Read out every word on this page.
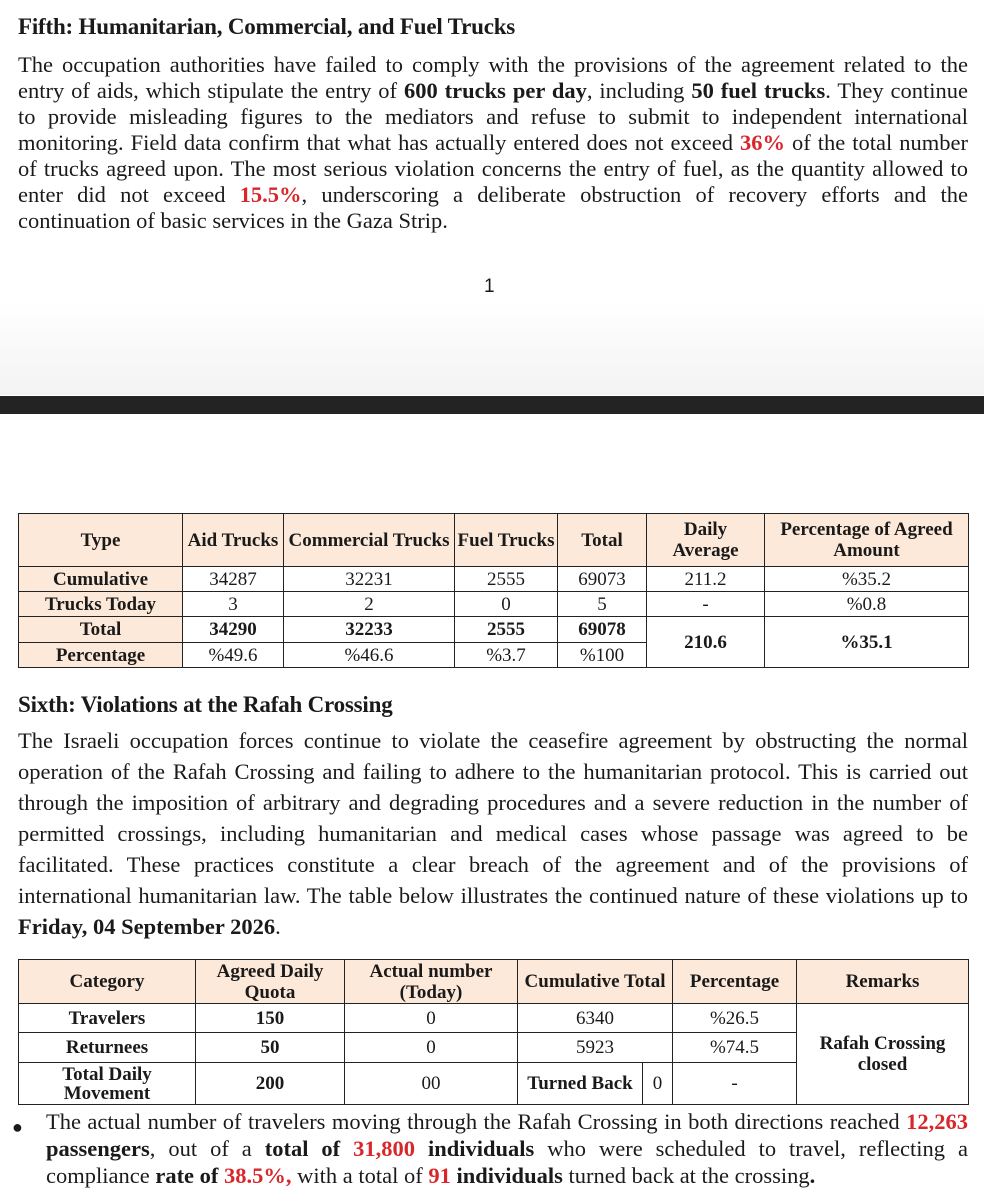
Fifth: Humanitarian, Commercial, and Fuel Trucks
The occupation authorities have failed to comply with the provisions of the agreement related to the entry of aids, which stipulate the entry of 600 trucks per day, including 50 fuel trucks. They continue to provide misleading figures to the mediators and refuse to submit to independent international monitoring. Field data confirm that what has actually entered does not exceed 36% of the total number of trucks agreed upon. The most serious violation concerns the entry of fuel, as the quantity allowed to enter did not exceed 15.5%, underscoring a deliberate obstruction of recovery efforts and the continuation of basic services in the Gaza Strip.
1
Type	Aid Trucks	Commercial Trucks	Fuel Trucks	Total	Daily Average	Percentage of Agreed Amount
Cumulative	34287	32231	2555	69073	211.2	%35.2
Trucks Today	3	2	0	5	-	%0.8
Total	34290	32233	2555	69078	210.6	%35.1
Percentage	%49.6	%46.6	%3.7	%100		
Sixth: Violations at the Rafah Crossing
The Israeli occupation forces continue to violate the ceasefire agreement by obstructing the normal operation of the Rafah Crossing and failing to adhere to the humanitarian protocol. This is carried out through the imposition of arbitrary and degrading procedures and a severe reduction in the number of permitted crossings, including humanitarian and medical cases whose passage was agreed to be facilitated. These practices constitute a clear breach of the agreement and of the provisions of international humanitarian law. The table below illustrates the continued nature of these violations up to Friday, 04 September 2026.
Category	Agreed Daily Quota	Actual number (Today)	Cumulative Total		Percentage	Remarks
Travelers	150	0	6340		%26.5	Rafah Crossing closed
Returnees	50	0	5923		%74.5	
Total Daily Movement	200	00	Turned Back	0	-	
● The actual number of travelers moving through the Rafah Crossing in both directions reached 12,263 passengers, out of a total of 31,800 individuals who were scheduled to travel, reflecting a compliance rate of 38.5%, with a total of 91 individuals turned back at the crossing.
